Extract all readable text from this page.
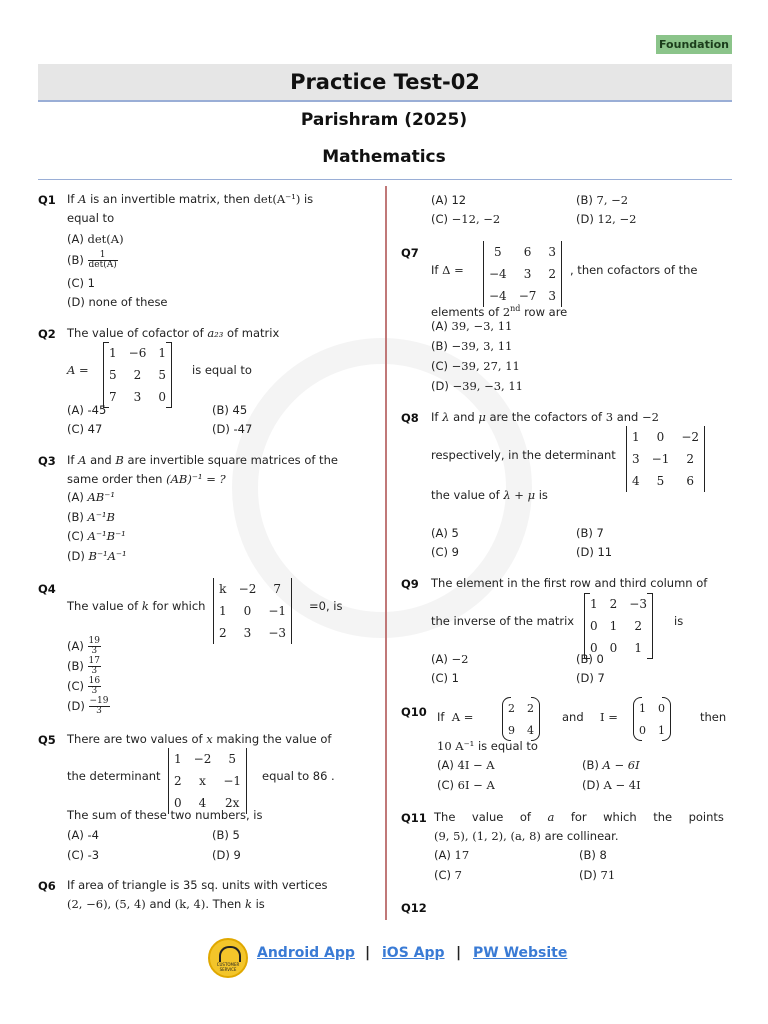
Foundation
Practice Test-02
Parishram (2025)
Mathematics
Q1 If A is an invertible matrix, then det(A⁻¹) is
equal to
(A) det(A)
$(B) \frac{1}{\det(A)}$
(C) 1
(D) none of these
Q2 The value of cofactor of a₂₃ of matrix
A =
1	−6	1
5	2	5
7	3	0
is equal to
(A) -45	(B) 45
(C) 47	(D) -47
Q3 If A and B are invertible square matrices of the
same order then (AB)⁻¹ = ?
(A) AB⁻¹
(B) A⁻¹B
(C) A⁻¹B⁻¹
(D) B⁻¹A⁻¹
Q4
The value of k for which
k	−2	7
1	0	−1
2	3	−3
=0, is
$(A) \frac{19}{3}$
$(B) \frac{17}{3}$
$(C) \frac{16}{3}$
$(D) \frac{-19}{3}$
Q5 There are two values of x making the value of
the determinant
1	−2	5
2	x	−1
0	4	2x
equal to 86 .
The sum of these two numbers, is
(A) -4	(B) 5
(C) -3	(D) 9
Q6 If area of triangle is 35 sq. units with vertices
(2, −6), (5, 4) and (k, 4). Then k is
(A) 12	(B) 7, −2
(C) −12, −2	(D) 12, −2
Q7
If Δ =
5	6	3
−4	3	2
−4	−7	3
, then cofactors of the
elements of 2nd row are
(A) 39, −3, 11
(B) −39, 3, 11
(C) −39, 27, 11
(D) −39, −3, 11
Q8 If λ and μ are the cofactors of 3 and −2
respectively, in the determinant
1	0	−2
3	−1	2
4	5	6
the value of λ + μ is
(A) 5	(B) 7
(C) 9	(D) 11
Q9 The element in the first row and third column of
the inverse of the matrix
1	2	−3
0	1	2
0	0	1
is
(A) −2	(B) 0
(C) 1	(D) 7
Q10 If A =
2	2
9	4
and I =
1	0
0	1
then
10 A⁻¹ is equal to
(A) 4I − A	(B) A − 6I
(C) 6I − A	(D) A − 4I
Q11 The value of a for which the points
(9, 5), (1, 2), (a, 8) are collinear.
(A) 17	(B) 8
(C) 7	(D) 71
Q12
CUSTOMER SERVICE
Android App | iOS App | PW Website
